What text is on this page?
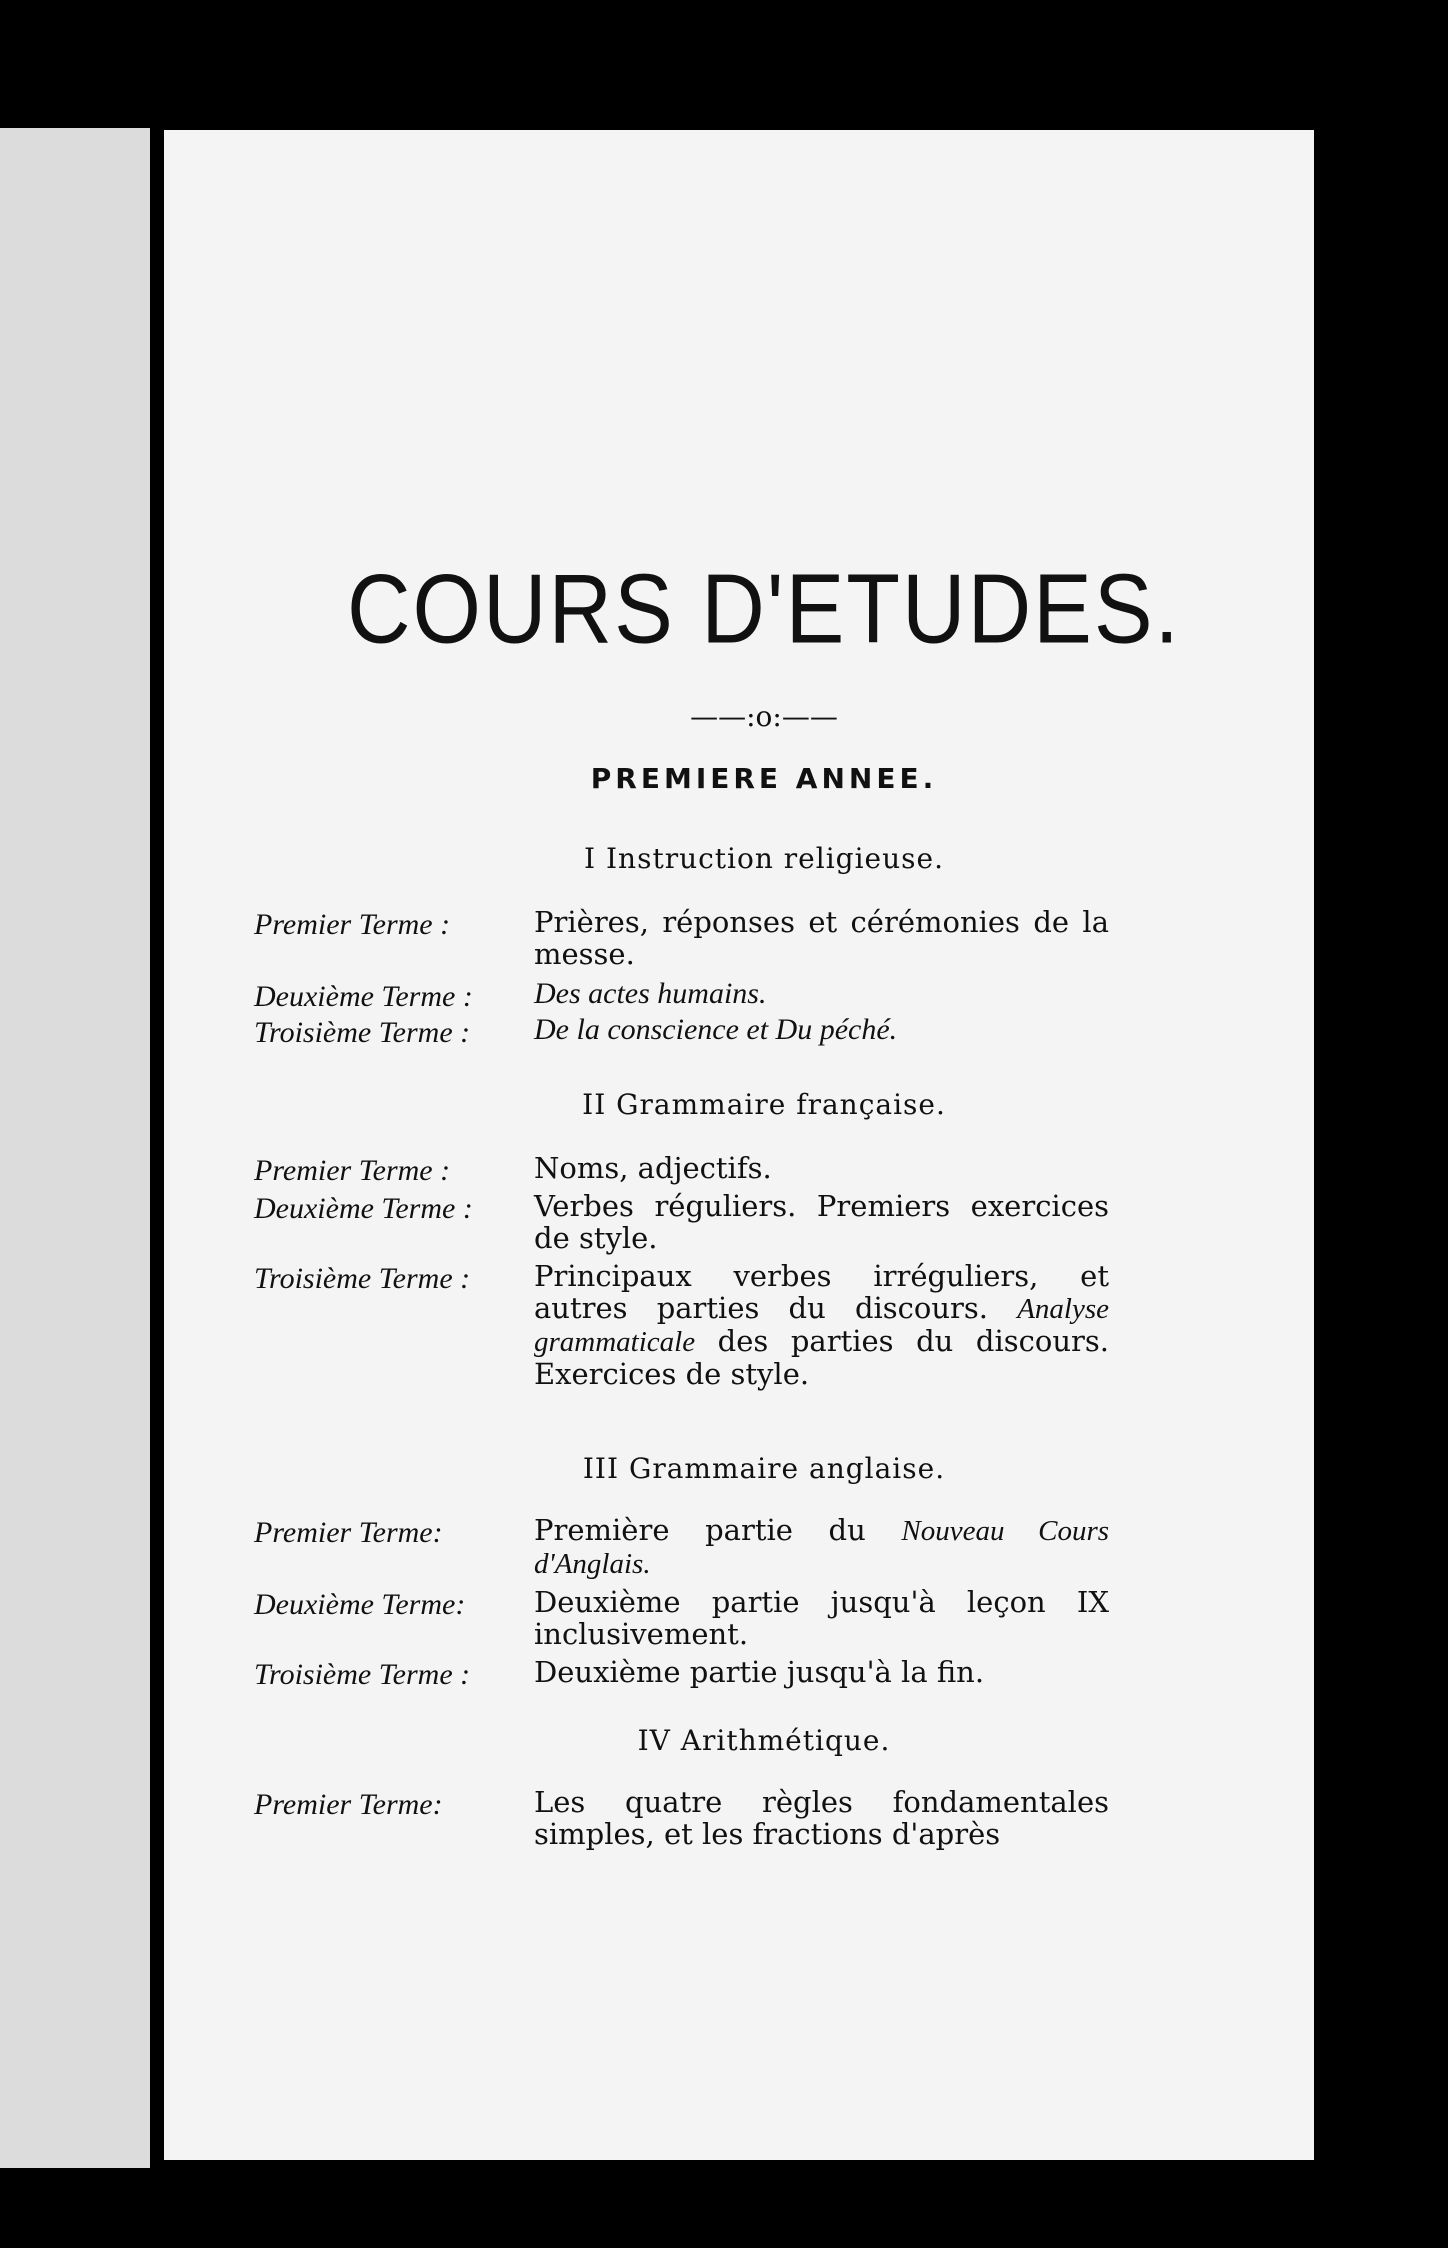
COURS D'ETUDES.
——:o:——
PREMIERE ANNEE.
I Instruction religieuse.
Premier Terme :	Prières, réponses et cérémonies de la messe.
Deuxième Terme :	Des actes humains.
Troisième Terme :	De la conscience et Du péché.
II Grammaire française.
Premier Terme :	Noms, adjectifs.
Deuxième Terme :	Verbes réguliers. Premiers exercices de style.
Troisième Terme :	Principaux verbes irréguliers, et autres parties du discours. Analyse grammaticale des parties du discours. Exercices de style.
III Grammaire anglaise.
Premier Terme:	Première partie du Nouveau Cours d'Anglais.
Deuxième Terme:	Deuxième partie jusqu'à leçon IX inclusivement.
Troisième Terme :	Deuxième partie jusqu'à la fin.
IV Arithmétique.
Premier Terme:	Les quatre règles fondamentales simples, et les fractions d'après
